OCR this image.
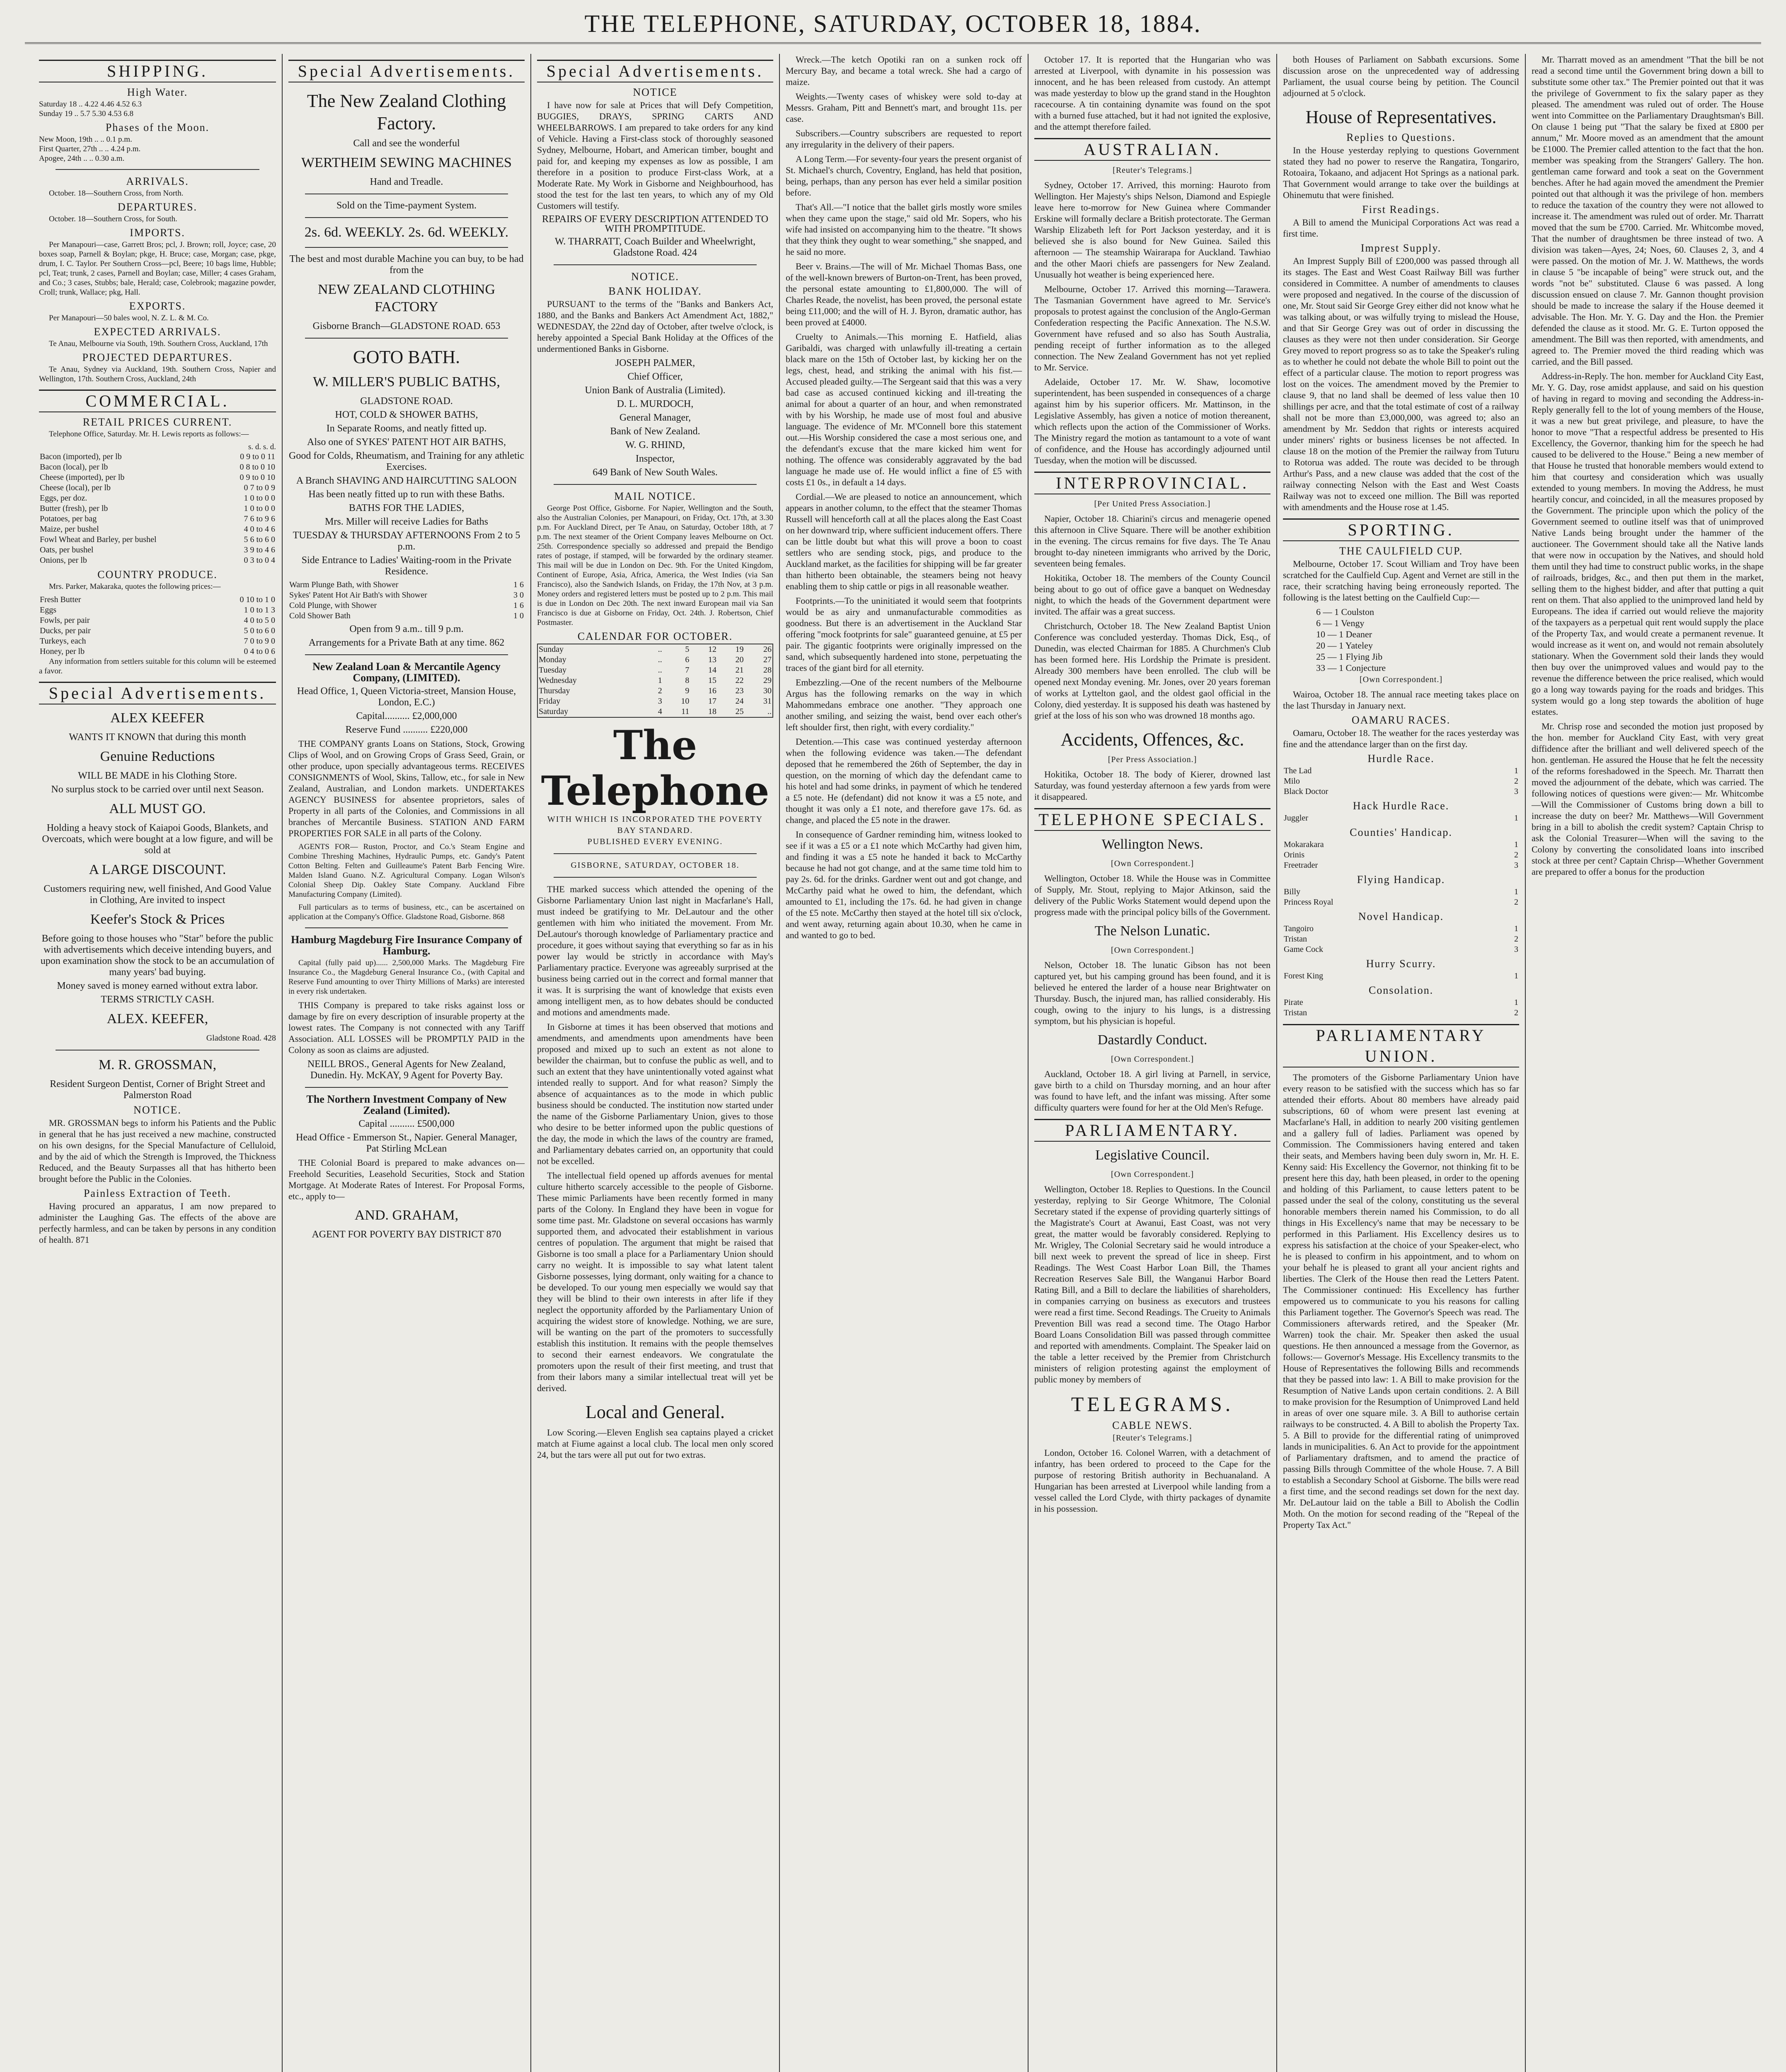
THE TELEPHONE, SATURDAY, OCTOBER 18, 1884.
SHIPPING.
High Water.

Saturday 18 .. 4.22 4.46 4.52 6.3

Sunday 19 .. 5.7 5.30 4.53 6.8

Phases of the Moon.

New Moon, 19th .. .. 0.1 p.m.

First Quarter, 27th .. .. 4.24 p.m.

Apogee, 24th .. .. 0.30 a.m.

ARRIVALS.

October. 18—Southern Cross, from North.

DEPARTURES.

October. 18—Southern Cross, for South.

IMPORTS.

Per Manapouri—case, Garrett Bros; pcl, J. Brown; roll, Joyce; case, 20 boxes soap, Parnell & Boylan; pkge, H. Bruce; case, Morgan; case, pkge, drum, I. C. Taylor. Per Southern Cross—pcl, Beere; 10 bags lime, Hubble; pcl, Teat; trunk, 2 cases, Parnell and Boylan; case, Miller; 4 cases Graham, and Co.; 3 cases, Stubbs; bale, Herald; case, Colebrook; magazine powder, Croll; trunk, Wallace; pkg, Hall.

EXPORTS.

Per Manapouri—50 bales wool, N. Z. L. & M. Co.

EXPECTED ARRIVALS.

Te Anau, Melbourne via South, 19th. Southern Cross, Auckland, 17th

PROJECTED DEPARTURES.

Te Anau, Sydney via Auckland, 19th. Southern Cross, Napier and Wellington, 17th. Southern Cross, Auckland, 24th

COMMERCIAL.
RETAIL PRICES CURRENT.

Telephone Office, Saturday. Mr. H. Lewis reports as follows:—

s. d. s. d.

Bacon (imported), per lb	0 9 to 0 11
Bacon (local), per lb	0 8 to 0 10
Cheese (imported), per lb	0 9 to 0 10
Cheese (local), per lb	0 7 to 0 9
Eggs, per doz.	1 0 to 0 0
Butter (fresh), per lb	1 0 to 0 0
Potatoes, per bag	7 6 to 9 6
Maize, per bushel	4 0 to 4 6
Fowl Wheat and Barley, per bushel	5 6 to 6 0
Oats, per bushel	3 9 to 4 6
Onions, per lb	0 3 to 0 4
COUNTRY PRODUCE.

Mrs. Parker, Makaraka, quotes the following prices:—

Fresh Butter	0 10 to 1 0
Eggs	1 0 to 1 3
Fowls, per pair	4 0 to 5 0
Ducks, per pair	5 0 to 6 0
Turkeys, each	7 0 to 9 0
Honey, per lb	0 4 to 0 6

Any information from settlers suitable for this column will be esteemed a favor.

Special Advertisements.
ALEX KEEFER

WANTS IT KNOWN that during this month

Genuine Reductions

WILL BE MADE in his Clothing Store.

No surplus stock to be carried over until next Season.

ALL MUST GO.

Holding a heavy stock of Kaiapoi Goods, Blankets, and Overcoats, which were bought at a low figure, and will be sold at

A LARGE DISCOUNT.

Customers requiring new, well finished, And Good Value in Clothing, Are invited to inspect

Keefer's Stock & Prices

Before going to those houses who "Star" before the public with advertisements which deceive intending buyers, and upon examination show the stock to be an accumulation of many years' bad buying.

Money saved is money earned without extra labor.

TERMS STRICTLY CASH.

ALEX. KEEFER,

Gladstone Road. 428

M. R. GROSSMAN,

Resident Surgeon Dentist, Corner of Bright Street and Palmerston Road

NOTICE.

MR. GROSSMAN begs to inform his Patients and the Public in general that he has just received a new machine, constructed on his own designs, for the Special Manufacture of Celluloid, and by the aid of which the Strength is Improved, the Thickness Reduced, and the Beauty Surpasses all that has hitherto been brought before the Public in the Colonies.

Painless Extraction of Teeth.

Having procured an apparatus, I am now prepared to administer the Laughing Gas. The effects of the above are perfectly harmless, and can be taken by persons in any condition of health. 871

Special Advertisements.
The New Zealand Clothing Factory.

Call and see the wonderful

WERTHEIM SEWING MACHINES

Hand and Treadle.

Sold on the Time-payment System.

2s. 6d. WEEKLY. 2s. 6d. WEEKLY.

The best and most durable Machine you can buy, to be had from the

NEW ZEALAND CLOTHING FACTORY

Gisborne Branch—GLADSTONE ROAD. 653

GOTO BATH.

W. MILLER'S PUBLIC BATHS,

GLADSTONE ROAD.

HOT, COLD & SHOWER BATHS,

In Separate Rooms, and neatly fitted up.

Also one of SYKES' PATENT HOT AIR BATHS,

Good for Colds, Rheumatism, and Training for any athletic Exercises.

A Branch SHAVING AND HAIRCUTTING SALOON

Has been neatly fitted up to run with these Baths.

BATHS FOR THE LADIES,

Mrs. Miller will receive Ladies for Baths

TUESDAY & THURSDAY AFTERNOONS From 2 to 5 p.m.

Side Entrance to Ladies' Waiting-room in the Private Residence.

Warm Plunge Bath, with Shower	1 6
Sykes' Patent Hot Air Bath's with Shower	3 0
Cold Plunge, with Shower	1 6
Cold Shower Bath	1 0

Open from 9 a.m.. till 9 p.m.

Arrangements for a Private Bath at any time. 862

New Zealand Loan & Mercantile Agency Company, (LIMITED).

Head Office, 1, Queen Victoria-street, Mansion House, London, E.C.)

Capital.......... £2,000,000

Reserve Fund .......... £220,000

THE COMPANY grants Loans on Stations, Stock, Growing Clips of Wool, and on Growing Crops of Grass Seed, Grain, or other produce, upon specially advantageous terms. RECEIVES CONSIGNMENTS of Wool, Skins, Tallow, etc., for sale in New Zealand, Australian, and London markets. UNDERTAKES AGENCY BUSINESS for absentee proprietors, sales of Property in all parts of the Colonies, and Commissions in all branches of Mercantile Business. STATION AND FARM PROPERTIES FOR SALE in all parts of the Colony.

AGENTS FOR— Ruston, Proctor, and Co.'s Steam Engine and Combine Threshing Machines, Hydraulic Pumps, etc. Gandy's Patent Cotton Belting. Felten and Guilleaume's Patent Barb Fencing Wire. Malden Island Guano. N.Z. Agricultural Company. Logan Wilson's Colonial Sheep Dip. Oakley State Company. Auckland Fibre Manufacturing Company (Limited).

Full particulars as to terms of business, etc., can be ascertained on application at the Company's Office. Gladstone Road, Gisborne. 868

Hamburg Magdeburg Fire Insurance Company of Hamburg.

Capital (fully paid up)...... 2,500,000 Marks. The Magdeburg Fire Insurance Co., the Magdeburg General Insurance Co., (with Capital and Reserve Fund amounting to over Thirty Millions of Marks) are interested in every risk undertaken.

THIS Company is prepared to take risks against loss or damage by fire on every description of insurable property at the lowest rates. The Company is not connected with any Tariff Association. ALL LOSSES will be PROMPTLY PAID in the Colony as soon as claims are adjusted.

NEILL BROS., General Agents for New Zealand, Dunedin. Hy. McKAY, 9 Agent for Poverty Bay.

The Northern Investment Company of New Zealand (Limited).

Capital .......... £500,000

Head Office - Emmerson St., Napier. General Manager, Pat Stirling McLean

THE Colonial Board is prepared to make advances on— Freehold Securities, Leasehold Securities, Stock and Station Mortgage. At Moderate Rates of Interest. For Proposal Forms, etc., apply to—

AND. GRAHAM,

AGENT FOR POVERTY BAY DISTRICT 870

Special Advertisements.
NOTICE

I have now for sale at Prices that will Defy Competition, BUGGIES, DRAYS, SPRING CARTS AND WHEELBARROWS. I am prepared to take orders for any kind of Vehicle. Having a First-class stock of thoroughly seasoned Sydney, Melbourne, Hobart, and American timber, bought and paid for, and keeping my expenses as low as possible, I am therefore in a position to produce First-class Work, at a Moderate Rate. My Work in Gisborne and Neighbourhood, has stood the test for the last ten years, to which any of my Old Customers will testify.

REPAIRS OF EVERY DESCRIPTION ATTENDED TO WITH PROMPTITUDE.

W. THARRATT, Coach Builder and Wheelwright, Gladstone Road. 424

NOTICE.
BANK HOLIDAY.

PURSUANT to the terms of the "Banks and Bankers Act, 1880, and the Banks and Bankers Act Amendment Act, 1882," WEDNESDAY, the 22nd day of October, after twelve o'clock, is hereby appointed a Special Bank Holiday at the Offices of the undermentioned Banks in Gisborne.

JOSEPH PALMER,

Chief Officer,

Union Bank of Australia (Limited).

D. L. MURDOCH,

General Manager,

Bank of New Zealand.

W. G. RHIND,

Inspector,

649 Bank of New South Wales.

MAIL NOTICE.

George Post Office, Gisborne. For Napier, Wellington and the South, also the Australian Colonies, per Manapouri, on Friday, Oct. 17th, at 3.30 p.m. For Auckland Direct, per Te Anau, on Saturday, October 18th, at 7 p.m. The next steamer of the Orient Company leaves Melbourne on Oct. 25th. Correspondence specially so addressed and prepaid the Bendigo rates of postage, if stamped, will be forwarded by the ordinary steamer. This mail will be due in London on Dec. 9th. For the United Kingdom, Continent of Europe, Asia, Africa, America, the West Indies (via San Francisco), also the Sandwich Islands, on Friday, the 17th Nov, at 3 p.m. Money orders and registered letters must be posted up to 2 p.m. This mail is due in London on Dec 20th. The next inward European mail via San Francisco is due at Gisborne on Friday, Oct. 24th. J. Robertson, Chief Postmaster.

CALENDAR FOR OCTOBER.
Sunday	..	5	12	19	26
Monday	..	6	13	20	27
Tuesday	..	7	14	21	28
Wednesday	1	8	15	22	29
Thursday	2	9	16	23	30
Friday	3	10	17	24	31
Saturday	4	11	18	25	..
The Telephone
WITH WHICH IS INCORPORATED THE POVERTY BAY STANDARD.
PUBLISHED EVERY EVENING.
GISBORNE, SATURDAY, OCTOBER 18.

THE marked success which attended the opening of the Gisborne Parliamentary Union last night in Macfarlane's Hall, must indeed be gratifying to Mr. DeLautour and the other gentlemen with him who initiated the movement. From Mr. DeLautour's thorough knowledge of Parliamentary practice and procedure, it goes without saying that everything so far as in his power lay would be strictly in accordance with May's Parliamentary practice. Everyone was agreeably surprised at the business being carried out in the correct and formal manner that it was. It is surprising the want of knowledge that exists even among intelligent men, as to how debates should be conducted and motions and amendments made.

In Gisborne at times it has been observed that motions and amendments, and amendments upon amendments have been proposed and mixed up to such an extent as not alone to bewilder the chairman, but to confuse the public as well, and to such an extent that they have unintentionally voted against what intended really to support. And for what reason? Simply the absence of acquaintances as to the mode in which public business should be conducted. The institution now started under the name of the Gisborne Parliamentary Union, gives to those who desire to be better informed upon the public questions of the day, the mode in which the laws of the country are framed, and Parliamentary debates carried on, an opportunity that could not be excelled.

The intellectual field opened up affords avenues for mental culture hitherto scarcely accessible to the people of Gisborne. These mimic Parliaments have been recently formed in many parts of the Colony. In England they have been in vogue for some time past. Mr. Gladstone on several occasions has warmly supported them, and advocated their establishment in various centres of population. The argument that might be raised that Gisborne is too small a place for a Parliamentary Union should carry no weight. It is impossible to say what latent talent Gisborne possesses, lying dormant, only waiting for a chance to be developed. To our young men especially we would say that they will be blind to their own interests in after life if they neglect the opportunity afforded by the Parliamentary Union of acquiring the widest store of knowledge. Nothing, we are sure, will be wanting on the part of the promoters to successfully establish this institution. It remains with the people themselves to second their earnest endeavors. We congratulate the promoters upon the result of their first meeting, and trust that from their labors many a similar intellectual treat will yet be derived.

Local and General.

Low Scoring.—Eleven English sea captains played a cricket match at Fiume against a local club. The local men only scored 24, but the tars were all put out for two extras.

Wreck.—The ketch Opotiki ran on a sunken rock off Mercury Bay, and became a total wreck. She had a cargo of maize.

Weights.—Twenty cases of whiskey were sold to-day at Messrs. Graham, Pitt and Bennett's mart, and brought 11s. per case.

Subscribers.—Country subscribers are requested to report any irregularity in the delivery of their papers.

A Long Term.—For seventy-four years the present organist of St. Michael's church, Coventry, England, has held that position, being, perhaps, than any person has ever held a similar position before.

That's All.—"I notice that the ballet girls mostly wore smiles when they came upon the stage," said old Mr. Sopers, who his wife had insisted on accompanying him to the theatre. "It shows that they think they ought to wear something," she snapped, and he said no more.

Beer v. Brains.—The will of Mr. Michael Thomas Bass, one of the well-known brewers of Burton-on-Trent, has been proved, the personal estate amounting to £1,800,000. The will of Charles Reade, the novelist, has been proved, the personal estate being £11,000; and the will of H. J. Byron, dramatic author, has been proved at £4000.

Cruelty to Animals.—This morning E. Hatfield, alias Garibaldi, was charged with unlawfully ill-treating a certain black mare on the 15th of October last, by kicking her on the legs, chest, head, and striking the animal with his fist.—Accused pleaded guilty.—The Sergeant said that this was a very bad case as accused continued kicking and ill-treating the animal for about a quarter of an hour, and when remonstrated with by his Worship, he made use of most foul and abusive language. The evidence of Mr. M'Connell bore this statement out.—His Worship considered the case a most serious one, and the defendant's excuse that the mare kicked him went for nothing. The offence was considerably aggravated by the bad language he made use of. He would inflict a fine of £5 with costs £1 0s., in default a 14 days.

Cordial.—We are pleased to notice an announcement, which appears in another column, to the effect that the steamer Thomas Russell will henceforth call at all the places along the East Coast on her downward trip, where sufficient inducement offers. There can be little doubt but what this will prove a boon to coast settlers who are sending stock, pigs, and produce to the Auckland market, as the facilities for shipping will be far greater than hitherto been obtainable, the steamers being not heavy enabling them to ship cattle or pigs in all reasonable weather.

Footprints.—To the uninitiated it would seem that footprints would be as airy and unmanufacturable commodities as goodness. But there is an advertisement in the Auckland Star offering "mock footprints for sale" guaranteed genuine, at £5 per pair. The gigantic footprints were originally impressed on the sand, which subsequently hardened into stone, perpetuating the traces of the giant bird for all eternity.

Embezzling.—One of the recent numbers of the Melbourne Argus has the following remarks on the way in which Mahommedans embrace one another. "They approach one another smiling, and seizing the waist, bend over each other's left shoulder first, then right, with every cordiality."

Detention.—This case was continued yesterday afternoon when the following evidence was taken.—The defendant deposed that he remembered the 26th of September, the day in question, on the morning of which day the defendant came to his hotel and had some drinks, in payment of which he tendered a £5 note. He (defendant) did not know it was a £5 note, and thought it was only a £1 note, and therefore gave 17s. 6d. as change, and placed the £5 note in the drawer.

In consequence of Gardner reminding him, witness looked to see if it was a £5 or a £1 note which McCarthy had given him, and finding it was a £5 note he handed it back to McCarthy because he had not got change, and at the same time told him to pay 2s. 6d. for the drinks. Gardner went out and got change, and McCarthy paid what he owed to him, the defendant, which amounted to £1, including the 17s. 6d. he had given in change of the £5 note. McCarthy then stayed at the hotel till six o'clock, and went away, returning again about 10.30, when he came in and wanted to go to bed.

October 17. It is reported that the Hungarian who was arrested at Liverpool, with dynamite in his possession was innocent, and he has been released from custody. An attempt was made yesterday to blow up the grand stand in the Houghton racecourse. A tin containing dynamite was found on the spot with a burned fuse attached, but it had not ignited the explosive, and the attempt therefore failed.

AUSTRALIAN.
[Reuter's Telegrams.]

Sydney, October 17. Arrived, this morning: Hauroto from Wellington. Her Majesty's ships Nelson, Diamond and Espiegle leave here to-morrow for New Guinea where Commander Erskine will formally declare a British protectorate. The German Warship Elizabeth left for Port Jackson yesterday, and it is believed she is also bound for New Guinea. Sailed this afternoon — The steamship Wairarapa for Auckland. Tawhiao and the other Maori chiefs are passengers for New Zealand. Unusually hot weather is being experienced here.

Melbourne, October 17. Arrived this morning—Tarawera. The Tasmanian Government have agreed to Mr. Service's proposals to protest against the conclusion of the Anglo-German Confederation respecting the Pacific Annexation. The N.S.W. Government have refused and so also has South Australia, pending receipt of further information as to the alleged connection. The New Zealand Government has not yet replied to Mr. Service.

Adelaide, October 17. Mr. W. Shaw, locomotive superintendent, has been suspended in consequences of a charge against him by his superior officers. Mr. Mattinson, in the Legislative Assembly, has given a notice of motion thereanent, which reflects upon the action of the Commissioner of Works. The Ministry regard the motion as tantamount to a vote of want of confidence, and the House has accordingly adjourned until Tuesday, when the motion will be discussed.

INTERPROVINCIAL.
[Per United Press Association.]

Napier, October 18. Chiarini's circus and menagerie opened this afternoon in Clive Square. There will be another exhibition in the evening. The circus remains for five days. The Te Anau brought to-day nineteen immigrants who arrived by the Doric, seventeen being females.

Hokitika, October 18. The members of the County Council being about to go out of office gave a banquet on Wednesday night, to which the heads of the Government department were invited. The affair was a great success.

Christchurch, October 18. The New Zealand Baptist Union Conference was concluded yesterday. Thomas Dick, Esq., of Dunedin, was elected Chairman for 1885. A Churchmen's Club has been formed here. His Lordship the Primate is president. Already 300 members have been enrolled. The club will be opened next Monday evening. Mr. Jones, over 20 years foreman of works at Lyttelton gaol, and the oldest gaol official in the Colony, died yesterday. It is supposed his death was hastened by grief at the loss of his son who was drowned 18 months ago.

Accidents, Offences, &c.
[Per Press Association.]

Hokitika, October 18. The body of Kierer, drowned last Saturday, was found yesterday afternoon a few yards from were it disappeared.

TELEPHONE SPECIALS.
Wellington News.
[Own Correspondent.]

Wellington, October 18. While the House was in Committee of Supply, Mr. Stout, replying to Major Atkinson, said the delivery of the Public Works Statement would depend upon the progress made with the principal policy bills of the Government.

The Nelson Lunatic.
[Own Correspondent.]

Nelson, October 18. The lunatic Gibson has not been captured yet, but his camping ground has been found, and it is believed he entered the larder of a house near Brightwater on Thursday. Busch, the injured man, has rallied considerably. His cough, owing to the injury to his lungs, is a distressing symptom, but his physician is hopeful.

Dastardly Conduct.
[Own Correspondent.]

Auckland, October 18. A girl living at Parnell, in service, gave birth to a child on Thursday morning, and an hour after was found to have left, and the infant was missing. After some difficulty quarters were found for her at the Old Men's Refuge.

PARLIAMENTARY.
Legislative Council.
[Own Correspondent.]

Wellington, October 18. Replies to Questions. In the Council yesterday, replying to Sir George Whitmore, The Colonial Secretary stated if the expense of providing quarterly sittings of the Magistrate's Court at Awanui, East Coast, was not very great, the matter would be favorably considered. Replying to Mr. Wrigley, The Colonial Secretary said he would introduce a bill next week to prevent the spread of lice in sheep. First Readings. The West Coast Harbor Loan Bill, the Thames Recreation Reserves Sale Bill, the Wanganui Harbor Board Rating Bill, and a Bill to declare the liabilities of shareholders, in companies carrying on business as executors and trustees were read a first time. Second Readings. The Crueity to Animals Prevention Bill was read a second time. The Otago Harbor Board Loans Consolidation Bill was passed through committee and reported with amendments. Complaint. The Speaker laid on the table a letter received by the Premier from Christchurch ministers of religion protesting against the employment of public money by members of

TELEGRAMS.
CABLE NEWS.
[Reuter's Telegrams.]

London, October 16. Colonel Warren, with a detachment of infantry, has been ordered to proceed to the Cape for the purpose of restoring British authority in Bechuanaland. A Hungarian has been arrested at Liverpool while landing from a vessel called the Lord Clyde, with thirty packages of dynamite in his possession.

both Houses of Parliament on Sabbath excursions. Some discussion arose on the unprecedented way of addressing Parliament, the usual course being by petition. The Council adjourned at 5 o'clock.

House of Representatives.
Replies to Questions.

In the House yesterday replying to questions Government stated they had no power to reserve the Rangatira, Tongariro, Rotoaira, Tokaano, and adjacent Hot Springs as a national park. That Government would arrange to take over the buildings at Ohinemutu that were finished.

First Readings.

A Bill to amend the Municipal Corporations Act was read a first time.

Imprest Supply.

An Imprest Supply Bill of £200,000 was passed through all its stages. The East and West Coast Railway Bill was further considered in Committee. A number of amendments to clauses were proposed and negatived. In the course of the discussion of one, Mr. Stout said Sir George Grey either did not know what he was talking about, or was wilfully trying to mislead the House, and that Sir George Grey was out of order in discussing the clauses as they were not then under consideration. Sir George Grey moved to report progress so as to take the Speaker's ruling as to whether he could not debate the whole Bill to point out the effect of a particular clause. The motion to report progress was lost on the voices. The amendment moved by the Premier to clause 9, that no land shall be deemed of less value then 10 shillings per acre, and that the total estimate of cost of a railway shall not be more than £3,000,000, was agreed to; also an amendment by Mr. Seddon that rights or interests acquired under miners' rights or business licenses be not affected. In clause 18 on the motion of the Premier the railway from Tuturu to Rotorua was added. The route was decided to be through Arthur's Pass, and a new clause was added that the cost of the railway connecting Nelson with the East and West Coasts Railway was not to exceed one million. The Bill was reported with amendments and the House rose at 1.45.

SPORTING.
THE CAULFIELD CUP.

Melbourne, October 17. Scout William and Troy have been scratched for the Caulfield Cup. Agent and Vernet are still in the race, their scratching having being erroneously reported. The following is the latest betting on the Caulfield Cup:—

6 — 1 Coulston

6 — 1 Vengy

10 — 1 Deaner

20 — 1 Yateley

25 — 1 Flying Jib

33 — 1 Conjecture

[Own Correspondent.]

Wairoa, October 18. The annual race meeting takes place on the last Thursday in January next.

OAMARU RACES.

Oamaru, October 18. The weather for the races yesterday was fine and the attendance larger than on the first day.

Hurdle Race.
The Lad	1
Milo	2
Black Doctor	3
Hack Hurdle Race.
Juggler	1
Counties' Handicap.
Mokarakara	1
Orinis	2
Freetrader	3
Flying Handicap.
Billy	1
Princess Royal	2
Novel Handicap.
Tangoiro	1
Tristan	2
Game Cock	3
Hurry Scurry.
Forest King	1
Consolation.
Pirate	1
Tristan	2
PARLIAMENTARY UNION.

The promoters of the Gisborne Parliamentary Union have every reason to be satisfied with the success which has so far attended their efforts. About 80 members have already paid subscriptions, 60 of whom were present last evening at Macfarlane's Hall, in addition to nearly 200 visiting gentlemen and a gallery full of ladies. Parliament was opened by Commission. The Commissioners having entered and taken their seats, and Members having been duly sworn in, Mr. H. E. Kenny said: His Excellency the Governor, not thinking fit to be present here this day, hath been pleased, in order to the opening and holding of this Parliament, to cause letters patent to be passed under the seal of the colony, constituting us the several honorable members therein named his Commission, to do all things in His Excellency's name that may be necessary to be performed in this Parliament. His Excellency desires us to express his satisfaction at the choice of your Speaker-elect, who he is pleased to confirm in his appointment, and to whom on your behalf he is pleased to grant all your ancient rights and liberties. The Clerk of the House then read the Letters Patent. The Commissioner continued: His Excellency has further empowered us to communicate to you his reasons for calling this Parliament together. The Governor's Speech was read. The Commissioners afterwards retired, and the Speaker (Mr. Warren) took the chair. Mr. Speaker then asked the usual questions. He then announced a message from the Governor, as follows:— Governor's Message. His Excellency transmits to the House of Representatives the following Bills and recommends that they be passed into law: 1. A Bill to make provision for the Resumption of Native Lands upon certain conditions. 2. A Bill to make provision for the Resumption of Unimproved Land held in areas of over one square mile. 3. A Bill to authorise certain railways to be constructed. 4. A Bill to abolish the Property Tax. 5. A Bill to provide for the differential rating of unimproved lands in municipalities. 6. An Act to provide for the appointment of Parliamentary draftsmen, and to amend the practice of passing Bills through Committee of the whole House. 7. A Bill to establish a Secondary School at Gisborne. The bills were read a first time, and the second readings set down for the next day. Mr. DeLautour laid on the table a Bill to Abolish the Codlin Moth. On the motion for second reading of the "Repeal of the Property Tax Act."

Mr. Tharratt moved as an amendment "That the bill be not read a second time until the Government bring down a bill to substitute some other tax." The Premier pointed out that it was the privilege of Government to fix the salary paper as they pleased. The amendment was ruled out of order. The House went into Committee on the Parliamentary Draughtsman's Bill. On clause 1 being put "That the salary be fixed at £800 per annum," Mr. Moore moved as an amendment that the amount be £1000. The Premier called attention to the fact that the hon. member was speaking from the Strangers' Gallery. The hon. gentleman came forward and took a seat on the Government benches. After he had again moved the amendment the Premier pointed out that although it was the privilege of hon. members to reduce the taxation of the country they were not allowed to increase it. The amendment was ruled out of order. Mr. Tharratt moved that the sum be £700. Carried. Mr. Whitcombe moved, That the number of draughtsmen be three instead of two. A division was taken—Ayes, 24; Noes, 60. Clauses 2, 3, and 4 were passed. On the motion of Mr. J. W. Matthews, the words in clause 5 "be incapable of being" were struck out, and the words "not be" substituted. Clause 6 was passed. A long discussion ensued on clause 7. Mr. Gannon thought provision should be made to increase the salary if the House deemed it advisable. The Hon. Mr. Y. G. Day and the Hon. the Premier defended the clause as it stood. Mr. G. E. Turton opposed the amendment. The Bill was then reported, with amendments, and agreed to. The Premier moved the third reading which was carried, and the Bill passed.

Address-in-Reply. The hon. member for Auckland City East, Mr. Y. G. Day, rose amidst applause, and said on his question of having in regard to moving and seconding the Address-in-Reply generally fell to the lot of young members of the House, it was a new but great privilege, and pleasure, to have the honor to move "That a respectful address be presented to His Excellency, the Governor, thanking him for the speech he had caused to be delivered to the House." Being a new member of that House he trusted that honorable members would extend to him that courtesy and consideration which was usually extended to young members. In moving the Address, he must heartily concur, and coincided, in all the measures proposed by the Government. The principle upon which the policy of the Government seemed to outline itself was that of unimproved Native Lands being brought under the hammer of the auctioneer. The Government should take all the Native lands that were now in occupation by the Natives, and should hold them until they had time to construct public works, in the shape of railroads, bridges, &c., and then put them in the market, selling them to the highest bidder, and after that putting a quit rent on them. That also applied to the unimproved land held by Europeans. The idea if carried out would relieve the majority of the taxpayers as a perpetual quit rent would supply the place of the Property Tax, and would create a permanent revenue. It would increase as it went on, and would not remain absolutely stationary. When the Government sold their lands they would then buy over the unimproved values and would pay to the revenue the difference between the price realised, which would go a long way towards paying for the roads and bridges. This system would go a long step towards the abolition of huge estates.

Mr. Chrisp rose and seconded the motion just proposed by the hon. member for Auckland City East, with very great diffidence after the brilliant and well delivered speech of the hon. gentleman. He assured the House that he felt the necessity of the reforms foreshadowed in the Speech. Mr. Tharratt then moved the adjournment of the debate, which was carried. The following notices of questions were given:— Mr. Whitcombe—Will the Commissioner of Customs bring down a bill to increase the duty on beer? Mr. Matthews—Will Government bring in a bill to abolish the credit system? Captain Chrisp to ask the Colonial Treasurer—When will the saving to the Colony by converting the consolidated loans into inscribed stock at three per cent? Captain Chrisp—Whether Government are prepared to offer a bonus for the production
